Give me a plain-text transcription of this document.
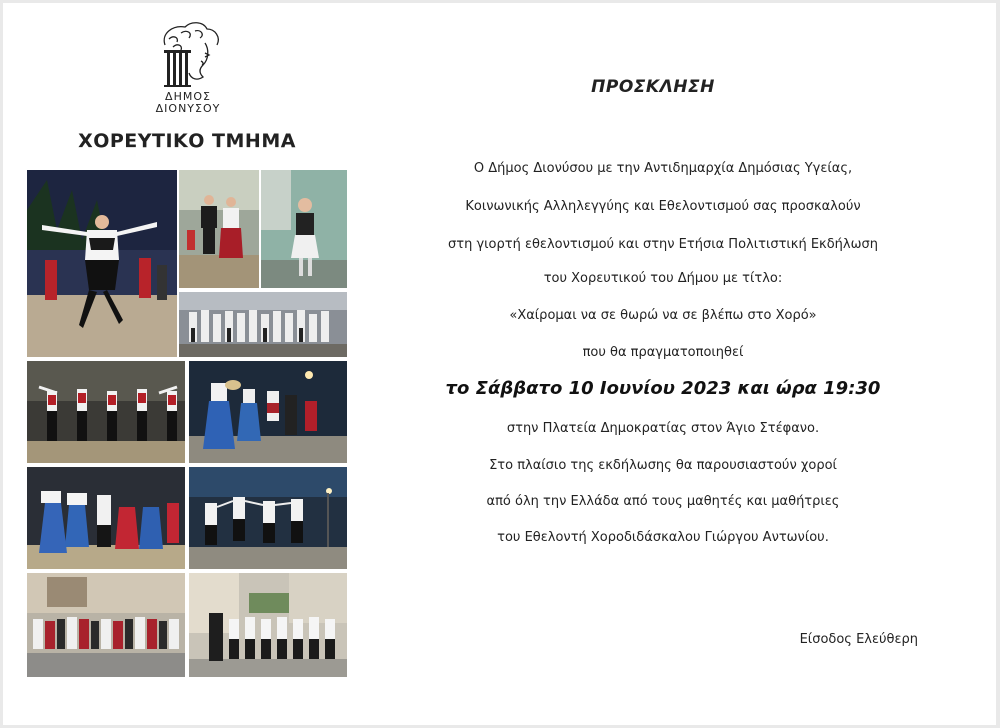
ΔΗΜΟΣ
ΔΙΟΝΥΣΟΥ
ΧΟΡΕΥΤΙΚΟ ΤΜΗΜΑ
ΠΡΟΣΚΛΗΣΗ
Ο Δήμος Διονύσου με την Αντιδημαρχία Δημόσιας Υγείας,
Κοινωνικής Αλληλεγγύης και Εθελοντισμού σας προσκαλούν
στη γιορτή εθελοντισμού και στην Ετήσια Πολιτιστική Εκδήλωση
του Χορευτικού του Δήμου με τίτλο:
«Χαίρομαι να σε θωρώ να σε βλέπω στο Χορό»
που θα πραγματοποιηθεί
το Σάββατο 10 Ιουνίου 2023 και ώρα 19:30
στην Πλατεία Δημοκρατίας στον Άγιο Στέφανο.
Στο πλαίσιο της εκδήλωσης θα παρουσιαστούν χοροί
από όλη την Ελλάδα από τους μαθητές και μαθήτριες
του Εθελοντή Χοροδιδάσκαλου Γιώργου Αντωνίου.
Είσοδος Ελεύθερη
